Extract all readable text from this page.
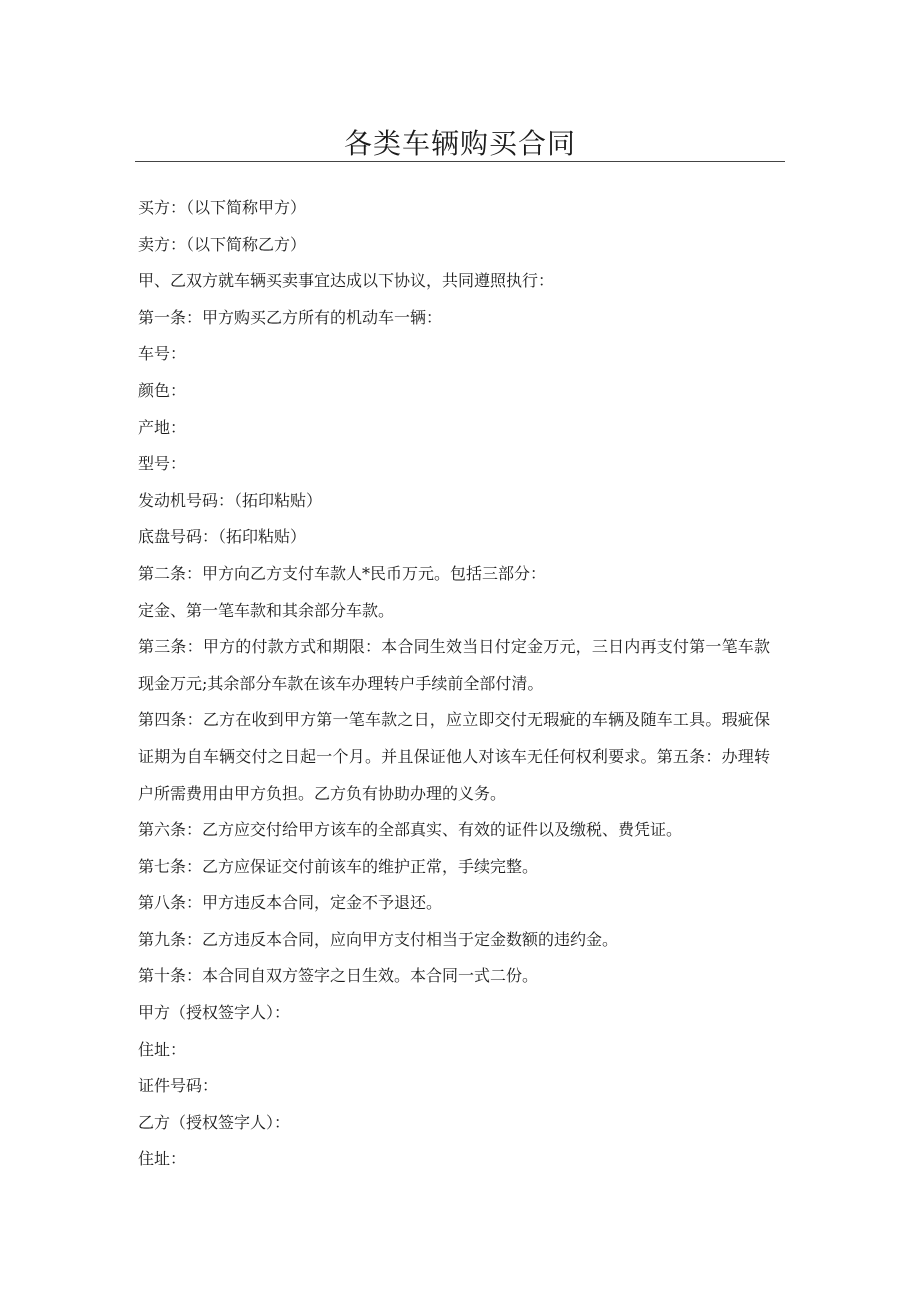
各类车辆购买合同

买方：（以下简称甲方）

卖方：（以下简称乙方）

甲、乙双方就车辆买卖事宜达成以下协议，共同遵照执行：

第一条：甲方购买乙方所有的机动车一辆：

车号：

颜色：

产地：

型号：

发动机号码：（拓印粘贴）

底盘号码：（拓印粘贴）

第二条：甲方向乙方支付车款人*民币万元。包括三部分：

定金、第一笔车款和其余部分车款。

第三条：甲方的付款方式和期限：本合同生效当日付定金万元，三日内再支付第一笔车款现金万元;其余部分车款在该车办理转户手续前全部付清。

第四条：乙方在收到甲方第一笔车款之日，应立即交付无瑕疵的车辆及随车工具。瑕疵保证期为自车辆交付之日起一个月。并且保证他人对该车无任何权利要求。第五条：办理转户所需费用由甲方负担。乙方负有协助办理的义务。

第六条：乙方应交付给甲方该车的全部真实、有效的证件以及缴税、费凭证。

第七条：乙方应保证交付前该车的维护正常，手续完整。

第八条：甲方违反本合同，定金不予退还。

第九条：乙方违反本合同，应向甲方支付相当于定金数额的违约金。

第十条：本合同自双方签字之日生效。本合同一式二份。

甲方（授权签字人）：

住址：

证件号码：

乙方（授权签字人）：

住址：
